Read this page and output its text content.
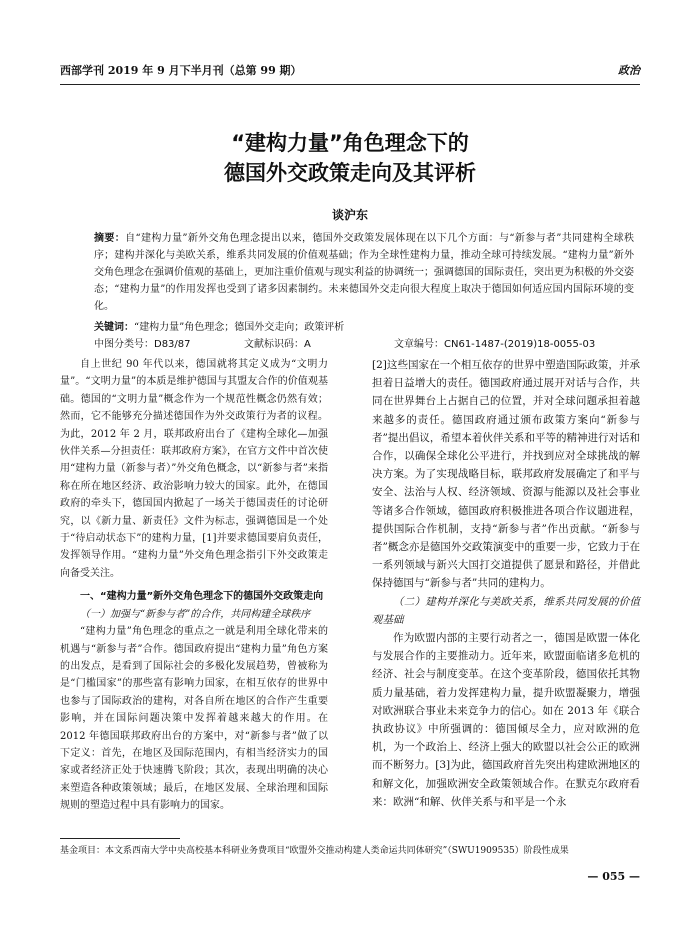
西部学刊 2019 年 9 月下半月刊（总第 99 期）	政治
“建构力量”角色理念下的
德国外交政策走向及其评析
谈沪东
摘要：自“建构力量”新外交角色理念提出以来，德国外交政策发展体现在以下几个方面：与“新参与者”共同建构全球秩序；建构并深化与美欧关系，维系共同发展的价值观基础；作为全球性建构力量，推动全球可持续发展。“建构力量”新外交角色理念在强调价值观的基础上，更加注重价值观与现实利益的协调统一；强调德国的国际责任，突出更为积极的外交姿态；“建构力量”的作用发挥也受到了诸多因素制约。未来德国外交走向很大程度上取决于德国如何适应国内国际环境的变化。
关键词：“建构力量”角色理念；德国外交走向；政策评析
中图分类号：D83/87	文献标识码：A	文章编号：CN61-1487-(2019)18-0055-03

自上世纪 90 年代以来，德国就将其定义成为“文明力量”。“文明力量”的本质是维护德国与其盟友合作的价值观基础。德国的“文明力量”概念作为一个规范性概念仍然有效；然而，它不能够充分描述德国作为外交政策行为者的议程。为此，2012 年 2 月，联邦政府出台了《建构全球化—加强伙伴关系—分担责任：联邦政府方案》，在官方文件中首次使用“建构力量（新参与者）”外交角色概念，以“新参与者”来指称在所在地区经济、政治影响力较大的国家。此外，在德国政府的牵头下，德国国内掀起了一场关于德国责任的讨论研究，以《新力量、新责任》文件为标志，强调德国是一个处于“待启动状态下”的建构力量，[1]并要求德国要肩负责任，发挥领导作用。“建构力量”外交角色理念指引下外交政策走向备受关注。

一、“建构力量”新外交角色理念下的德国外交政策走向

（一）加强与“新参与者”的合作，共同构建全球秩序

“建构力量”角色理念的重点之一就是利用全球化带来的机遇与“新参与者”合作。德国政府提出“建构力量”角色方案的出发点，是看到了国际社会的多极化发展趋势，曾被称为是“门槛国家”的那些富有影响力国家，在相互依存的世界中也参与了国际政治的建构，对各自所在地区的合作产生重要影响，并在国际问题决策中发挥着越来越大的作用。在 2012 年德国联邦政府出台的方案中，对“新参与者”做了以下定义：首先，在地区及国际范围内，有相当经济实力的国家或者经济正处于快速腾飞阶段；其次，表现出明确的决心来塑造各种政策领域；最后，在地区发展、全球治理和国际规则的塑造过程中具有影响力的国家。

[2]这些国家在一个相互依存的世界中塑造国际政策，并承担着日益增大的责任。德国政府通过展开对话与合作，共同在世界舞台上占据自己的位置，并对全球问题承担着越来越多的责任。德国政府通过颁布政策方案向“新参与者”提出倡议，希望本着伙伴关系和平等的精神进行对话和合作，以确保全球化公平进行，并找到应对全球挑战的解决方案。为了实现战略目标，联邦政府发展确定了和平与安全、法治与人权、经济领域、资源与能源以及社会事业等诸多合作领域，德国政府积极推进各项合作议题进程，提供国际合作机制，支持“新参与者”作出贡献。“新参与者”概念亦是德国外交政策演变中的重要一步，它致力于在一系列领域与新兴大国打交道提供了愿景和路径，并借此保持德国与“新参与者”共同的建构力。

（二）建构并深化与美欧关系，维系共同发展的价值观基础

作为欧盟内部的主要行动者之一，德国是欧盟一体化与发展合作的主要推动力。近年来，欧盟面临诸多危机的经济、社会与制度变革。在这个变革阶段，德国依托其物质力量基础，着力发挥建构力量，提升欧盟凝聚力，增强对欧洲联合事业未来竞争力的信心。如在 2013 年《联合执政协议》中所强调的：德国倾尽全力，应对欧洲的危机，为一个政治上、经济上强大的欧盟以社会公正的欧洲而不断努力。[3]为此，德国政府首先突出构建欧洲地区的和解文化，加强欧洲安全政策领域合作。在默克尔政府看来：欧洲“和解、伙伴关系与和平是一个永

基金项目：本文系西南大学中央高校基本科研业务费项目“欧盟外交推动构建人类命运共同体研究”（SWU1909535）阶段性成果
— 055 —
